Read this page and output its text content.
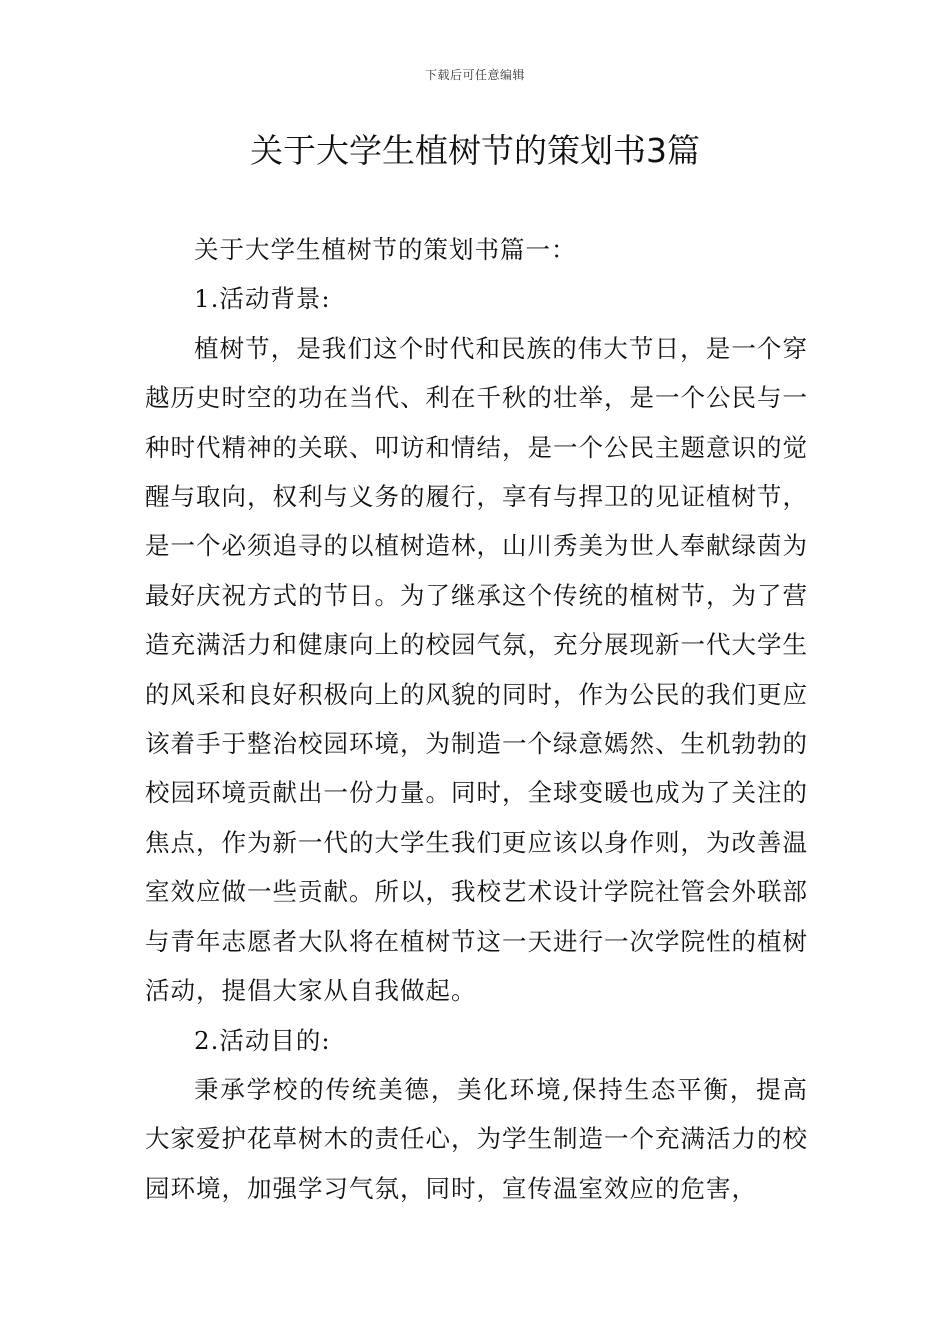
下载后可任意编辑
关于大学生植树节的策划书3篇

关于大学生植树节的策划书篇一：

1.活动背景:

植树节，是我们这个时代和民族的伟大节日，是一个穿越历史时空的功在当代、利在千秋的壮举，是一个公民与一种时代精神的关联、叩访和情结，是一个公民主题意识的觉醒与取向，权利与义务的履行，享有与捍卫的见证植树节，是一个必须追寻的以植树造林，山川秀美为世人奉献绿茵为最好庆祝方式的节日。为了继承这个传统的植树节，为了营造充满活力和健康向上的校园气氛，充分展现新一代大学生的风采和良好积极向上的风貌的同时，作为公民的我们更应该着手于整治校园环境，为制造一个绿意嫣然、生机勃勃的校园环境贡献出一份力量。同时，全球变暖也成为了关注的焦点，作为新一代的大学生我们更应该以身作则，为改善温室效应做一些贡献。所以，我校艺术设计学院社管会外联部与青年志愿者大队将在植树节这一天进行一次学院性的植树活动，提倡大家从自我做起。

2.活动目的:

秉承学校的传统美德，美化环境,保持生态平衡，提高大家爱护花草树木的责任心，为学生制造一个充满活力的校园环境，加强学习气氛，同时，宣传温室效应的危害，
